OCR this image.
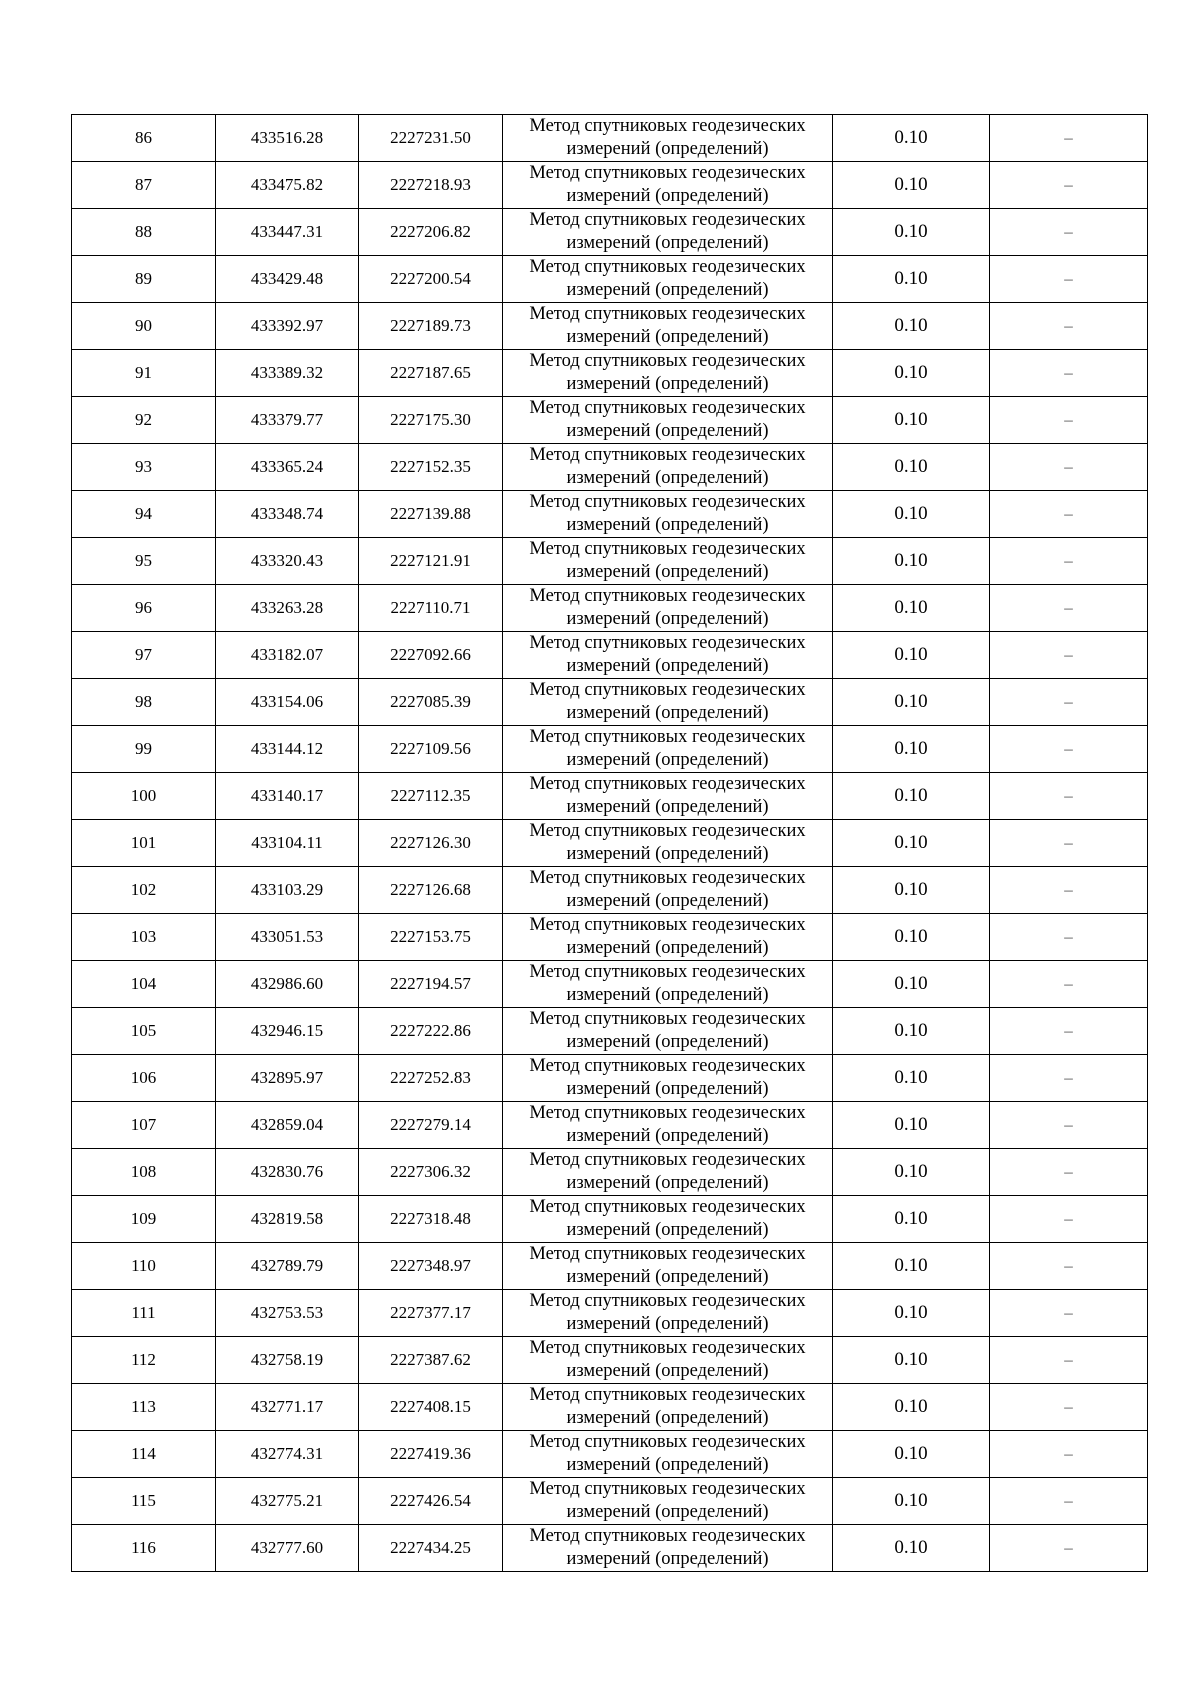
86	433516.28	2227231.50	Метод спутниковых геодезических
измерений (определений)	0.10	–
87	433475.82	2227218.93	Метод спутниковых геодезических
измерений (определений)	0.10	–
88	433447.31	2227206.82	Метод спутниковых геодезических
измерений (определений)	0.10	–
89	433429.48	2227200.54	Метод спутниковых геодезических
измерений (определений)	0.10	–
90	433392.97	2227189.73	Метод спутниковых геодезических
измерений (определений)	0.10	–
91	433389.32	2227187.65	Метод спутниковых геодезических
измерений (определений)	0.10	–
92	433379.77	2227175.30	Метод спутниковых геодезических
измерений (определений)	0.10	–
93	433365.24	2227152.35	Метод спутниковых геодезических
измерений (определений)	0.10	–
94	433348.74	2227139.88	Метод спутниковых геодезических
измерений (определений)	0.10	–
95	433320.43	2227121.91	Метод спутниковых геодезических
измерений (определений)	0.10	–
96	433263.28	2227110.71	Метод спутниковых геодезических
измерений (определений)	0.10	–
97	433182.07	2227092.66	Метод спутниковых геодезических
измерений (определений)	0.10	–
98	433154.06	2227085.39	Метод спутниковых геодезических
измерений (определений)	0.10	–
99	433144.12	2227109.56	Метод спутниковых геодезических
измерений (определений)	0.10	–
100	433140.17	2227112.35	Метод спутниковых геодезических
измерений (определений)	0.10	–
101	433104.11	2227126.30	Метод спутниковых геодезических
измерений (определений)	0.10	–
102	433103.29	2227126.68	Метод спутниковых геодезических
измерений (определений)	0.10	–
103	433051.53	2227153.75	Метод спутниковых геодезических
измерений (определений)	0.10	–
104	432986.60	2227194.57	Метод спутниковых геодезических
измерений (определений)	0.10	–
105	432946.15	2227222.86	Метод спутниковых геодезических
измерений (определений)	0.10	–
106	432895.97	2227252.83	Метод спутниковых геодезических
измерений (определений)	0.10	–
107	432859.04	2227279.14	Метод спутниковых геодезических
измерений (определений)	0.10	–
108	432830.76	2227306.32	Метод спутниковых геодезических
измерений (определений)	0.10	–
109	432819.58	2227318.48	Метод спутниковых геодезических
измерений (определений)	0.10	–
110	432789.79	2227348.97	Метод спутниковых геодезических
измерений (определений)	0.10	–
111	432753.53	2227377.17	Метод спутниковых геодезических
измерений (определений)	0.10	–
112	432758.19	2227387.62	Метод спутниковых геодезических
измерений (определений)	0.10	–
113	432771.17	2227408.15	Метод спутниковых геодезических
измерений (определений)	0.10	–
114	432774.31	2227419.36	Метод спутниковых геодезических
измерений (определений)	0.10	–
115	432775.21	2227426.54	Метод спутниковых геодезических
измерений (определений)	0.10	–
116	432777.60	2227434.25	Метод спутниковых геодезических
измерений (определений)	0.10	–
